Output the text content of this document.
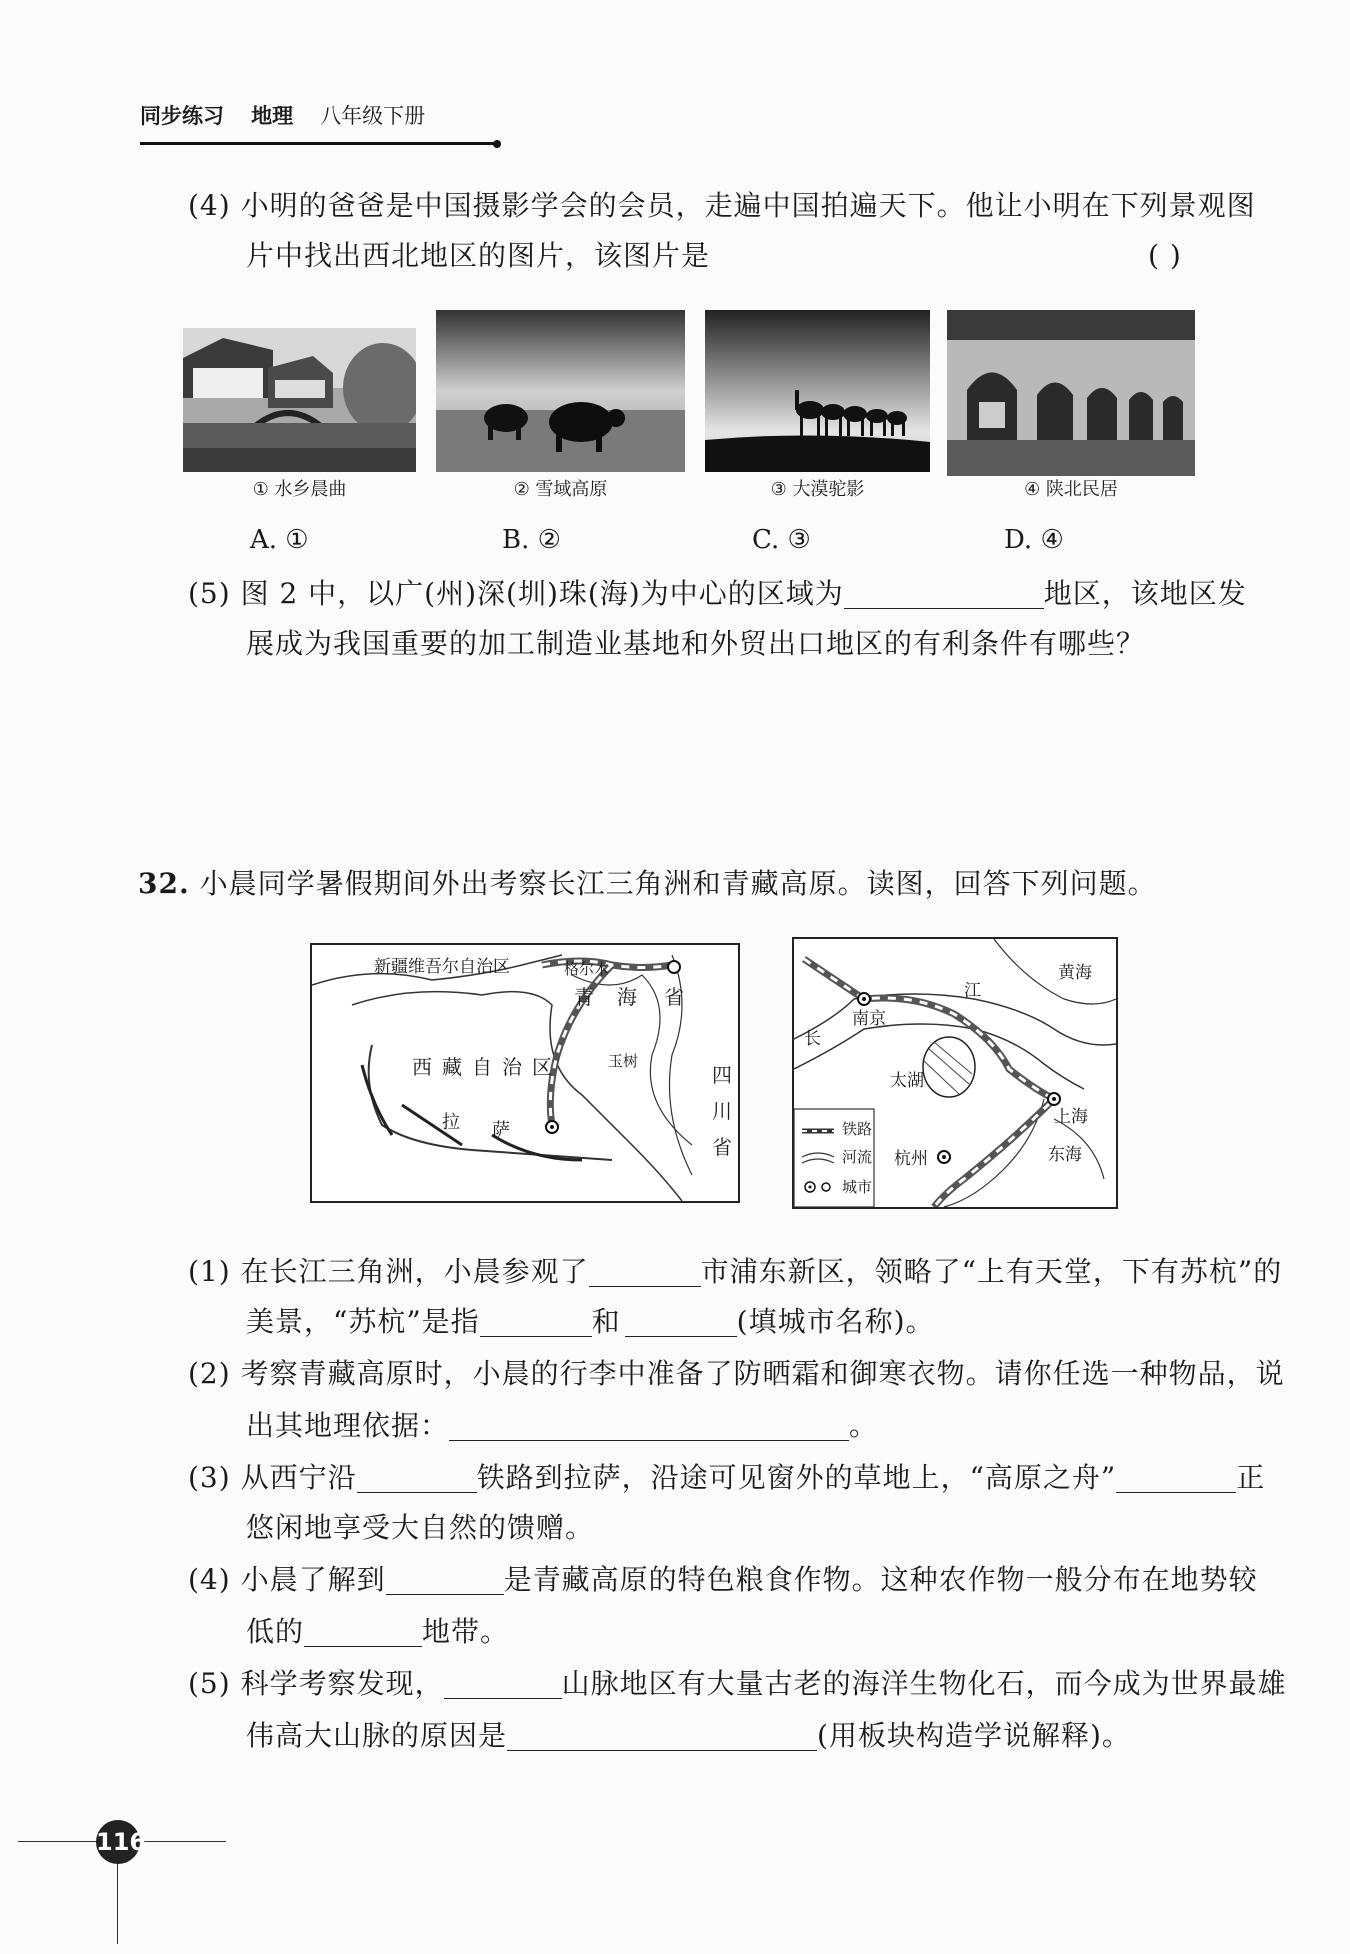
同步练习 地理 八年级下册
(4) 小明的爸爸是中国摄影学会的会员，走遍中国拍遍天下。他让小明在下列景观图
片中找出西北地区的图片，该图片是	( )
① 水乡晨曲	② 雪域高原	③ 大漠驼影	④ 陕北民居
A. ①	B. ②	C. ③	D. ④
(5) 图 2 中，以广(州)深(圳)珠(海)为中心的区域为	地区，该地区发
展成为我国重要的加工制造业基地和外贸出口地区的有利条件有哪些？
32. 小晨同学暑假期间外出考察长江三角洲和青藏高原。读图，回答下列问题。
新疆维吾尔自治区	格尔木
青 海 省
玉树
西 藏 自 治 区	四
川
省
拉 萨
黄海
江
南京
长
太湖
上海
东海
杭州
铁路
河流
城市
(1) 在长江三角洲，小晨参观了	市浦东新区，领略了“上有天堂，下有苏杭”的
美景，“苏杭”是指	和	(填城市名称)。
(2) 考察青藏高原时，小晨的行李中准备了防晒霜和御寒衣物。请你任选一种物品，说
出其地理依据：	。
(3) 从西宁沿	铁路到拉萨，沿途可见窗外的草地上，“高原之舟”	正
悠闲地享受大自然的馈赠。
(4) 小晨了解到	是青藏高原的特色粮食作物。这种农作物一般分布在地势较
低的	地带。
(5) 科学考察发现，	山脉地区有大量古老的海洋生物化石，而今成为世界最雄
伟高大山脉的原因是	(用板块构造学说解释)。
116
